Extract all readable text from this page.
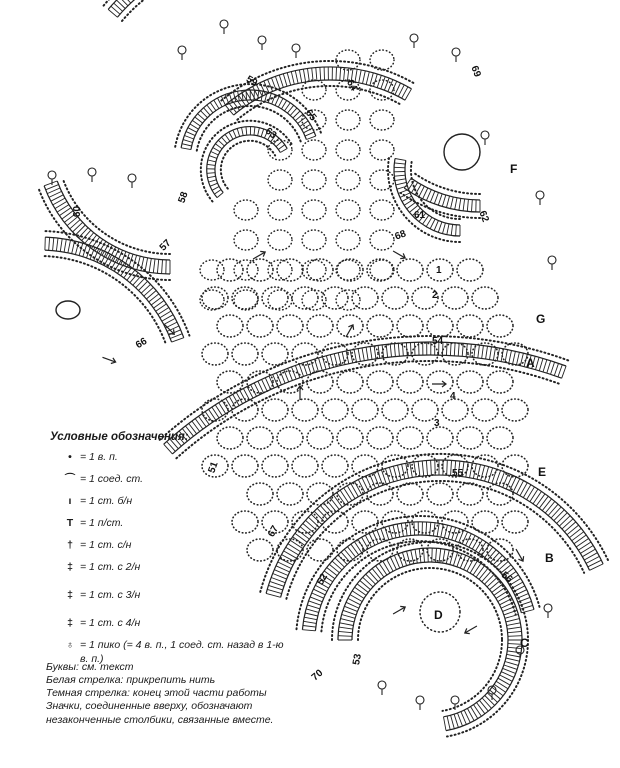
F
G
A
E
B
C
D
1
2
3
4
51
52
53
54
55
56
57
58
59
60	61	62
63
64
65
66
67
68
69
70
Условные обозначения:
• = 1 в. п.
⌒ = 1 соед. ст.
ı = 1 ст. б/н
T = 1 п/ст.
† = 1 ст. с/н
‡ = 1 ст. с 2/н
‡ = 1 ст. с 3/н
‡ = 1 ст. с 4/н
♁ = 1 пико (= 4 в. п., 1 соед. ст. назад в 1-ю в. п.)
Буквы: см. текст
Белая стрелка: прикрепить нить
Темная стрелка: конец этой части работы
Значки, соединенные вверху, обозначают незаконченные столбики, связанные вместе.
